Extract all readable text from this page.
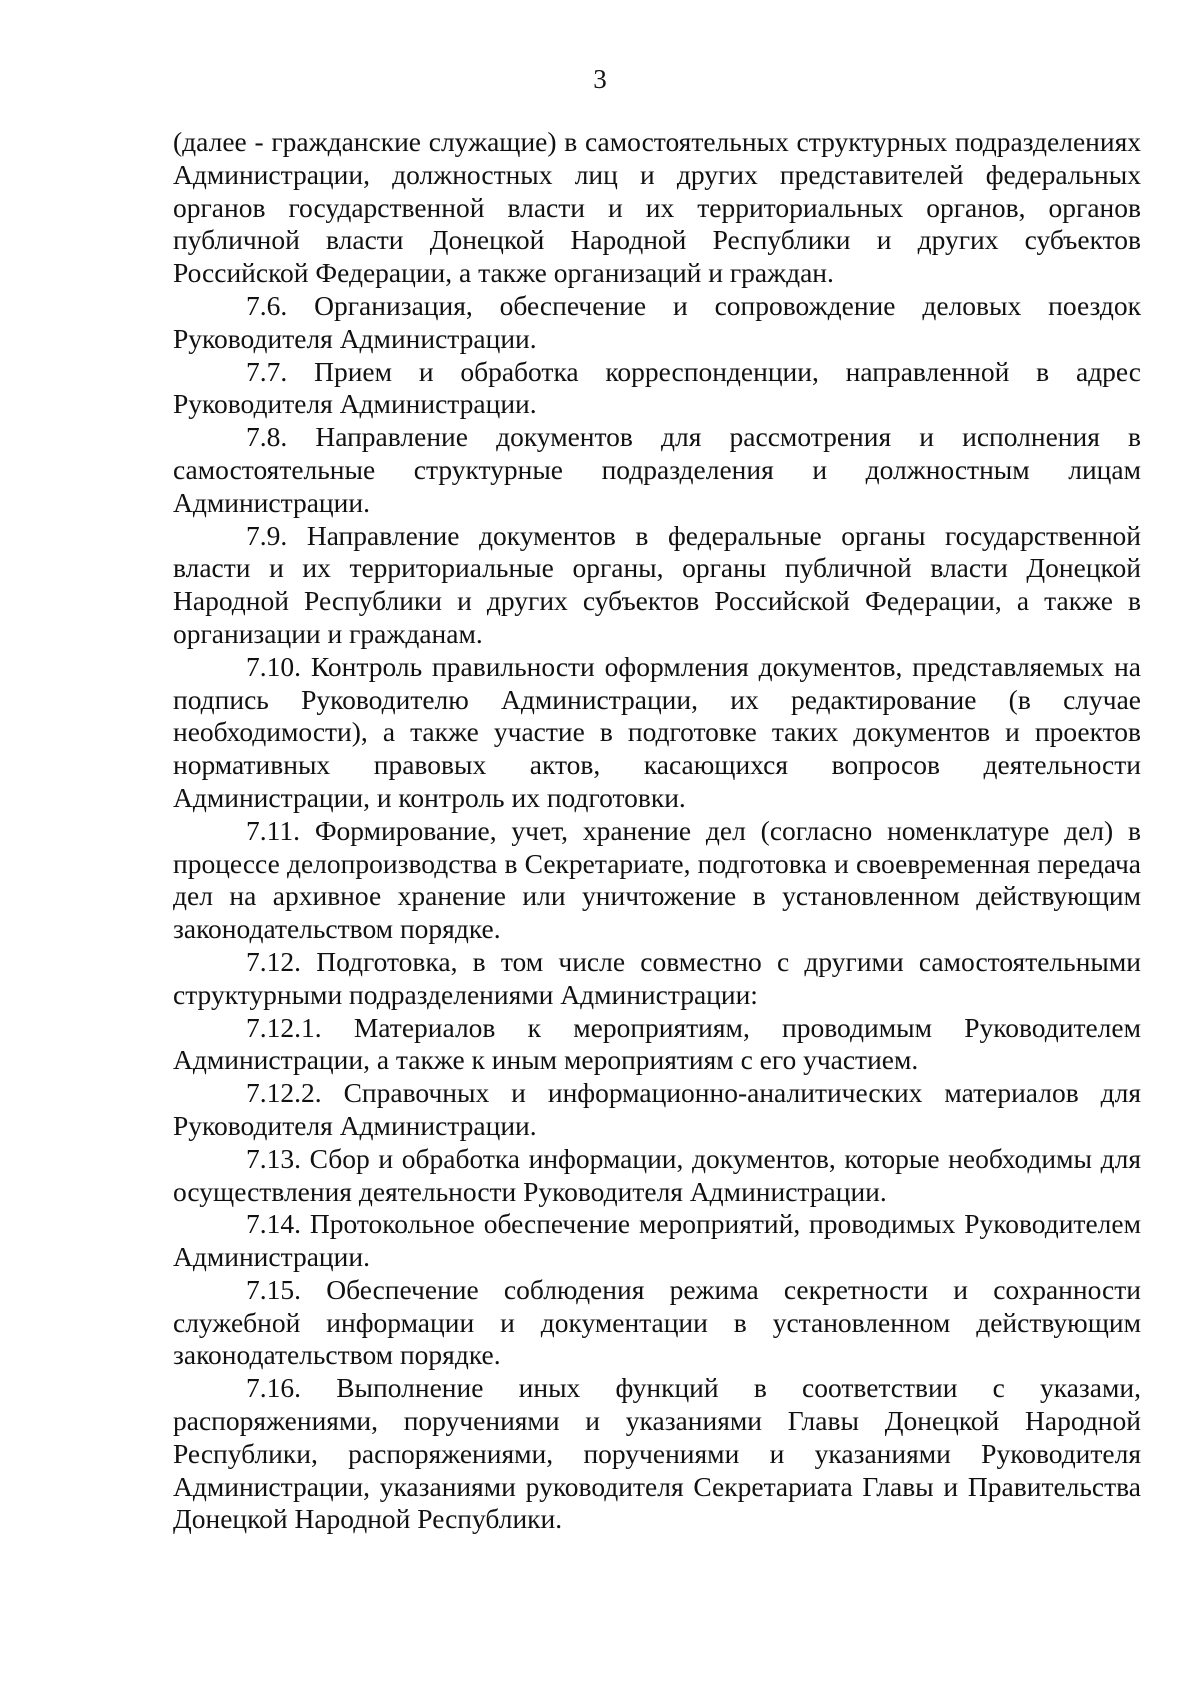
3

(далее - гражданские служащие) в самостоятельных структурных подразделениях Администрации, должностных лиц и других представителей федеральных органов государственной власти и их территориальных органов, органов публичной власти Донецкой Народной Республики и других субъектов Российской Федерации, а также организаций и граждан.

7.6. Организация, обеспечение и сопровождение деловых поездок Руководителя Администрации.

7.7. Прием и обработка корреспонденции, направленной в адрес Руководителя Администрации.

7.8. Направление документов для рассмотрения и исполнения в самостоятельные структурные подразделения и должностным лицам Администрации.

7.9. Направление документов в федеральные органы государственной власти и их территориальные органы, органы публичной власти Донецкой Народной Республики и других субъектов Российской Федерации, а также в организации и гражданам.

7.10. Контроль правильности оформления документов, представляемых на подпись Руководителю Администрации, их редактирование (в случае необходимости), а также участие в подготовке таких документов и проектов нормативных правовых актов, касающихся вопросов деятельности Администрации, и контроль их подготовки.

7.11. Формирование, учет, хранение дел (согласно номенклатуре дел) в процессе делопроизводства в Секретариате, подготовка и своевременная передача дел на архивное хранение или уничтожение в установленном действующим законодательством порядке.

7.12. Подготовка, в том числе совместно с другими самостоятельными структурными подразделениями Администрации:

7.12.1. Материалов к мероприятиям, проводимым Руководителем Администрации, а также к иным мероприятиям с его участием.

7.12.2. Справочных и информационно-аналитических материалов для Руководителя Администрации.

7.13. Сбор и обработка информации, документов, которые необходимы для осуществления деятельности Руководителя Администрации.

7.14. Протокольное обеспечение мероприятий, проводимых Руководителем Администрации.

7.15. Обеспечение соблюдения режима секретности и сохранности служебной информации и документации в установленном действующим законодательством порядке.

7.16. Выполнение иных функций в соответствии с указами, распоряжениями, поручениями и указаниями Главы Донецкой Народной Республики, распоряжениями, поручениями и указаниями Руководителя Администрации, указаниями руководителя Секретариата Главы и Правительства Донецкой Народной Республики.
